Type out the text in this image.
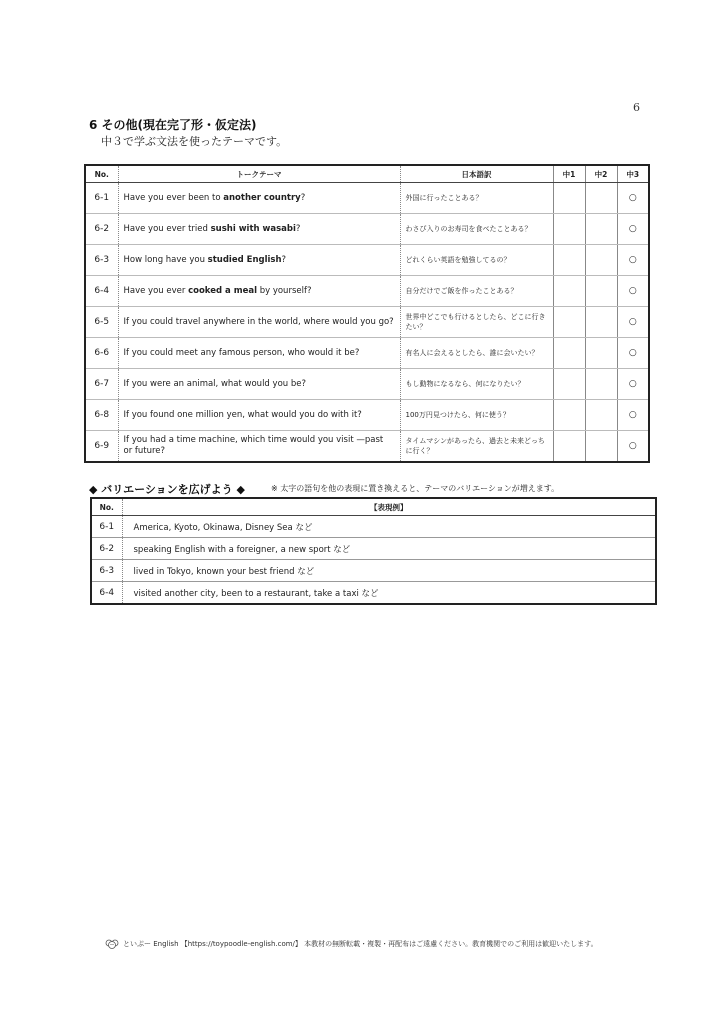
6
6 その他(現在完了形・仮定法)
中３で学ぶ文法を使ったテーマです。
No.	トークテーマ	日本語訳	中1	中2	中3
6-1	Have you ever been to another country?	外国に行ったことある？			○
6-2	Have you ever tried sushi with wasabi?	わさび入りのお寿司を食べたことある？			○
6-3	How long have you studied English?	どれくらい英語を勉強してるの？			○
6-4	Have you ever cooked a meal by yourself?	自分だけでご飯を作ったことある？			○
6-5	If you could travel anywhere in the world, where would you go?	世界中どこでも行けるとしたら、どこに行きたい？			○
6-6	If you could meet any famous person, who would it be?	有名人に会えるとしたら、誰に会いたい？			○
6-7	If you were an animal, what would you be?	もし動物になるなら、何になりたい？			○
6-8	If you found one million yen, what would you do with it?	100万円見つけたら、何に使う？			○
6-9	If you had a time machine, which time would you visit —past or future?	タイムマシンがあったら、過去と未来どっちに行く？			○
◆ バリエーションを広げよう ◆	※ 太字の語句を他の表現に置き換えると、テーマのバリエーションが増えます。
No.	【表現例】
6-1	America, Kyoto, Okinawa, Disney Sea など
6-2	speaking English with a foreigner, a new sport など
6-3	lived in Tokyo, known your best friend など
6-4	visited another city, been to a restaurant, take a taxi など
といぷー English 【https://toypoodle-english.com/】 本教材の無断転載・複製・再配布はご遠慮ください。教育機関でのご利用は歓迎いたします。
